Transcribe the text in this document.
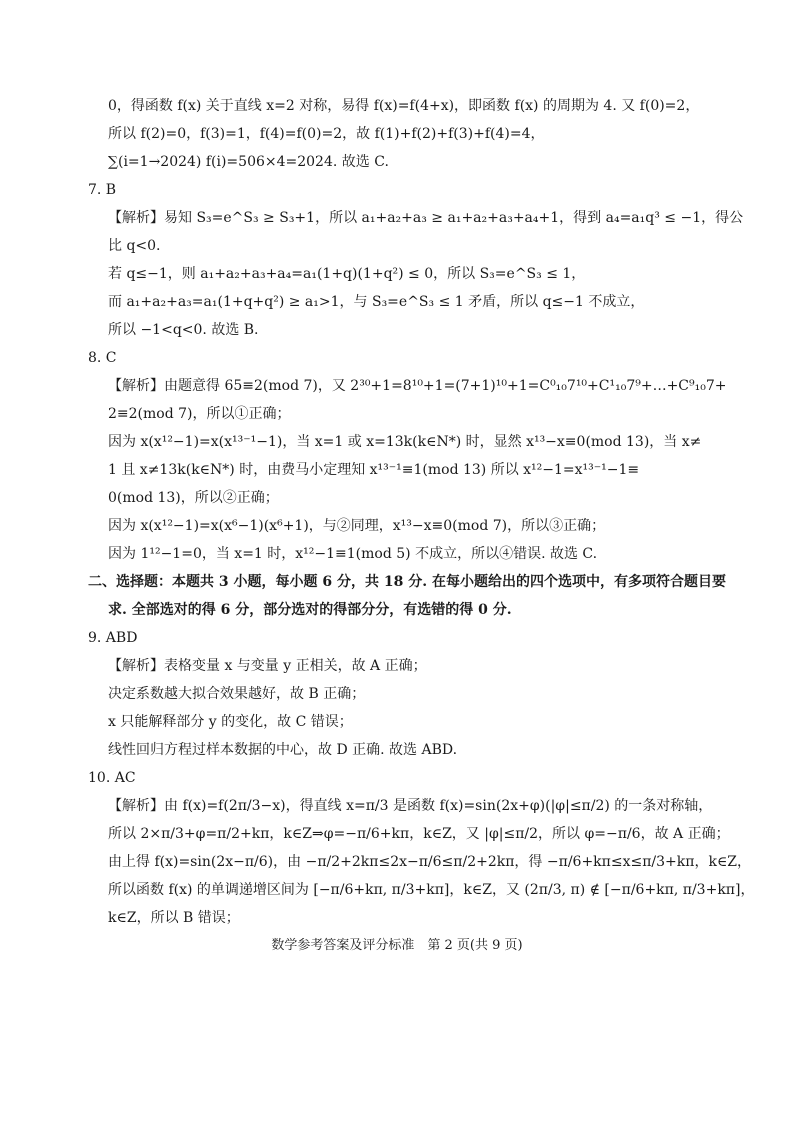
0，得函数 f(x) 关于直线 x=2 对称，易得 f(x)=f(4+x)，即函数 f(x) 的周期为 4. 又 f(0)=2，
所以 f(2)=0，f(3)=1，f(4)=f(0)=2，故 f(1)+f(2)+f(3)+f(4)=4，
∑(i=1→2024) f(i)=506×4=2024. 故选 C.
7. B
【解析】易知 S₃=e^S₃ ≥ S₃+1，所以 a₁+a₂+a₃ ≥ a₁+a₂+a₃+a₄+1，得到 a₄=a₁q³ ≤ −1，得公
比 q<0.
若 q≤−1，则 a₁+a₂+a₃+a₄=a₁(1+q)(1+q²) ≤ 0，所以 S₃=e^S₃ ≤ 1，
而 a₁+a₂+a₃=a₁(1+q+q²) ≥ a₁>1，与 S₃=e^S₃ ≤ 1 矛盾，所以 q≤−1 不成立，
所以 −1<q<0. 故选 B.
8. C
【解析】由题意得 65≡2(mod 7)，又 2³⁰+1=8¹⁰+1=(7+1)¹⁰+1=C⁰₁₀7¹⁰+C¹₁₀7⁹+…+C⁹₁₀7+
2≡2(mod 7)，所以①正确；
因为 x(x¹²−1)=x(x¹³⁻¹−1)，当 x=1 或 x=13k(k∈N*) 时，显然 x¹³−x≡0(mod 13)，当 x≠
1 且 x≠13k(k∈N*) 时，由费马小定理知 x¹³⁻¹≡1(mod 13) 所以 x¹²−1=x¹³⁻¹−1≡
0(mod 13)，所以②正确；
因为 x(x¹²−1)=x(x⁶−1)(x⁶+1)，与②同理，x¹³−x≡0(mod 7)，所以③正确；
因为 1¹²−1=0，当 x=1 时，x¹²−1≡1(mod 5) 不成立，所以④错误. 故选 C.
二、选择题：本题共 3 小题，每小题 6 分，共 18 分. 在每小题给出的四个选项中，有多项符合题目要
求. 全部选对的得 6 分，部分选对的得部分分，有选错的得 0 分.
9. ABD
【解析】表格变量 x 与变量 y 正相关，故 A 正确；
决定系数越大拟合效果越好，故 B 正确；
x 只能解释部分 y 的变化，故 C 错误；
线性回归方程过样本数据的中心，故 D 正确. 故选 ABD.
10. AC
【解析】由 f(x)=f(2π/3−x)，得直线 x=π/3 是函数 f(x)=sin(2x+φ)(|φ|≤π/2) 的一条对称轴，
所以 2×π/3+φ=π/2+kπ，k∈Z⇒φ=−π/6+kπ，k∈Z，又 |φ|≤π/2，所以 φ=−π/6，故 A 正确；
由上得 f(x)=sin(2x−π/6)，由 −π/2+2kπ≤2x−π/6≤π/2+2kπ，得 −π/6+kπ≤x≤π/3+kπ，k∈Z，
所以函数 f(x) 的单调递增区间为 [−π/6+kπ, π/3+kπ]，k∈Z，又 (2π/3, π) ∉ [−π/6+kπ, π/3+kπ]，
k∈Z，所以 B 错误；
数学参考答案及评分标准　第 2 页(共 9 页)
